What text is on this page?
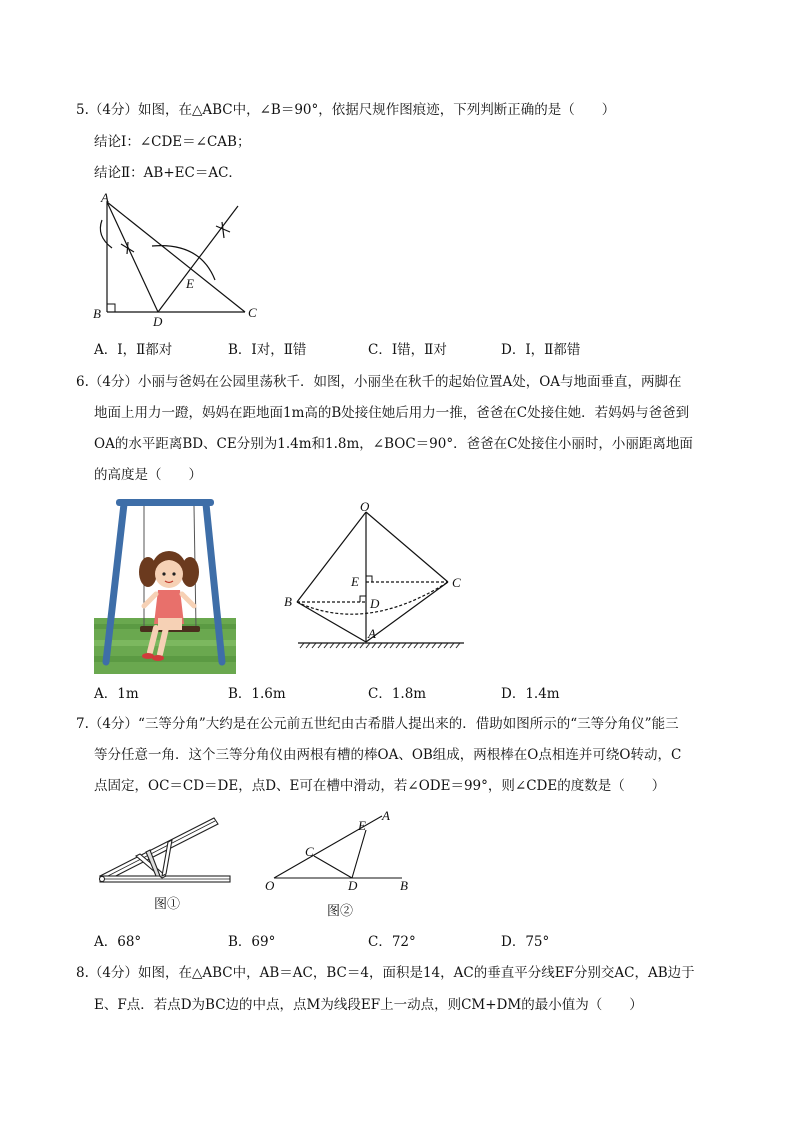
5.（4分）如图，在△ABC中，∠B＝90°，依据尺规作图痕迹，下列判断正确的是（　　）
结论Ⅰ：∠CDE＝∠CAB；
结论Ⅱ：AB+EC＝AC．
A
B	C
D
E
A．Ⅰ，Ⅱ都对	B．Ⅰ对，Ⅱ错	C．Ⅰ错，Ⅱ对	D．Ⅰ，Ⅱ都错
6.（4分）小丽与爸妈在公园里荡秋千．如图，小丽坐在秋千的起始位置A处，OA与地面垂直，两脚在
地面上用力一蹬，妈妈在距地面1m高的B处接住她后用力一推，爸爸在C处接住她．若妈妈与爸爸到
OA的水平距离BD、CE分别为1.4m和1.8m，∠BOC＝90°．爸爸在C处接住小丽时，小丽距离地面
的高度是（　　）
O
E	C
B	D
A
A．1m	B．1.6m	C．1.8m	D．1.4m
7.（4分）“三等分角”大约是在公元前五世纪由古希腊人提出来的．借助如图所示的“三等分角仪”能三
等分任意一角．这个三等分角仪由两根有槽的棒OA、OB组成，两根棒在O点相连并可绕O转动，C
点固定，OC＝CD＝DE，点D、E可在槽中滑动，若∠ODE＝99°，则∠CDE的度数是（　　）
图①
A
E
C
O	D	B
图②
A．68°	B．69°	C．72°	D．75°
8.（4分）如图，在△ABC中，AB＝AC，BC＝4，面积是14，AC的垂直平分线EF分别交AC，AB边于
E、F点．若点D为BC边的中点，点M为线段EF上一动点，则CM+DM的最小值为（　　）
